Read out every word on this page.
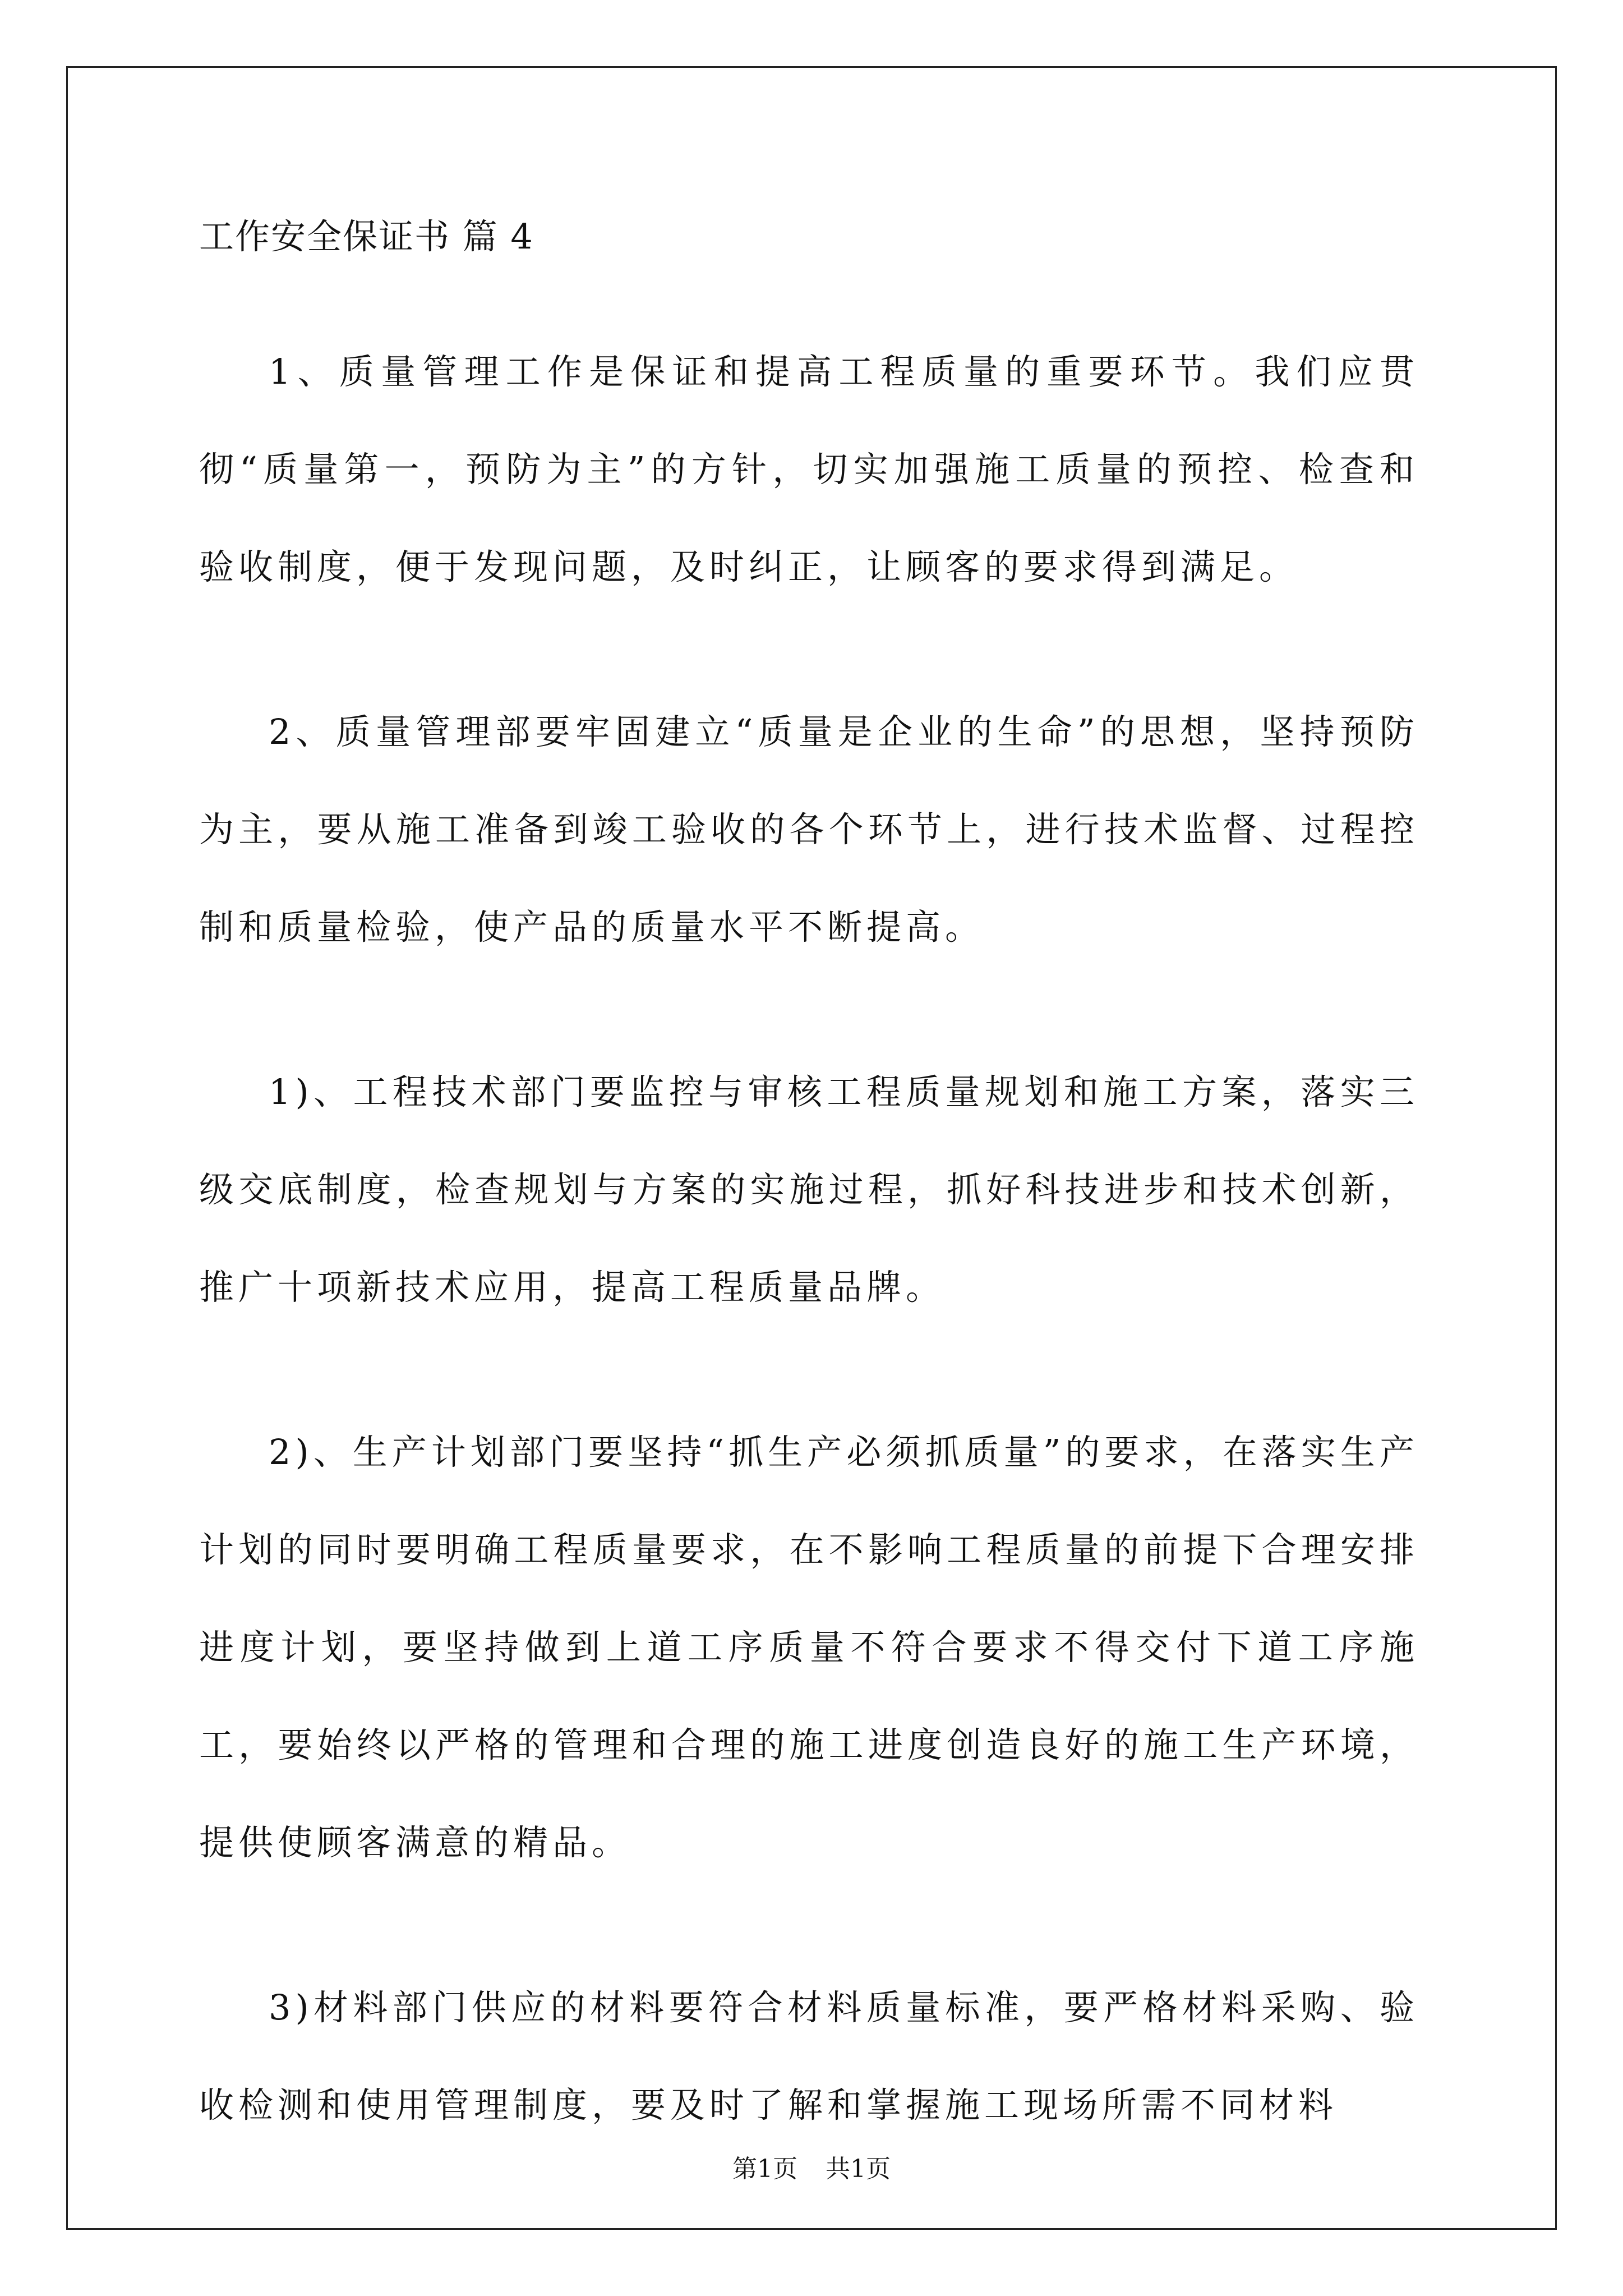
工作安全保证书 篇 4

1、质量管理工作是保证和提高工程质量的重要环节。我们应贯彻“质量第一，预防为主”的方针，切实加强施工质量的预控、检查和验收制度，便于发现问题，及时纠正，让顾客的要求得到满足。

2、质量管理部要牢固建立“质量是企业的生命”的思想，坚持预防为主，要从施工准备到竣工验收的各个环节上，进行技术监督、过程控制和质量检验，使产品的质量水平不断提高。

1)、工程技术部门要监控与审核工程质量规划和施工方案，落实三级交底制度，检查规划与方案的实施过程，抓好科技进步和技术创新，推广十项新技术应用，提高工程质量品牌。

2)、生产计划部门要坚持“抓生产必须抓质量”的要求，在落实生产计划的同时要明确工程质量要求，在不影响工程质量的前提下合理安排进度计划，要坚持做到上道工序质量不符合要求不得交付下道工序施工，要始终以严格的管理和合理的施工进度创造良好的施工生产环境，提供使顾客满意的精品。

3)材料部门供应的材料要符合材料质量标准，要严格材料采购、验收检测和使用管理制度，要及时了解和掌握施工现场所需不同材料

第1页 共1页
